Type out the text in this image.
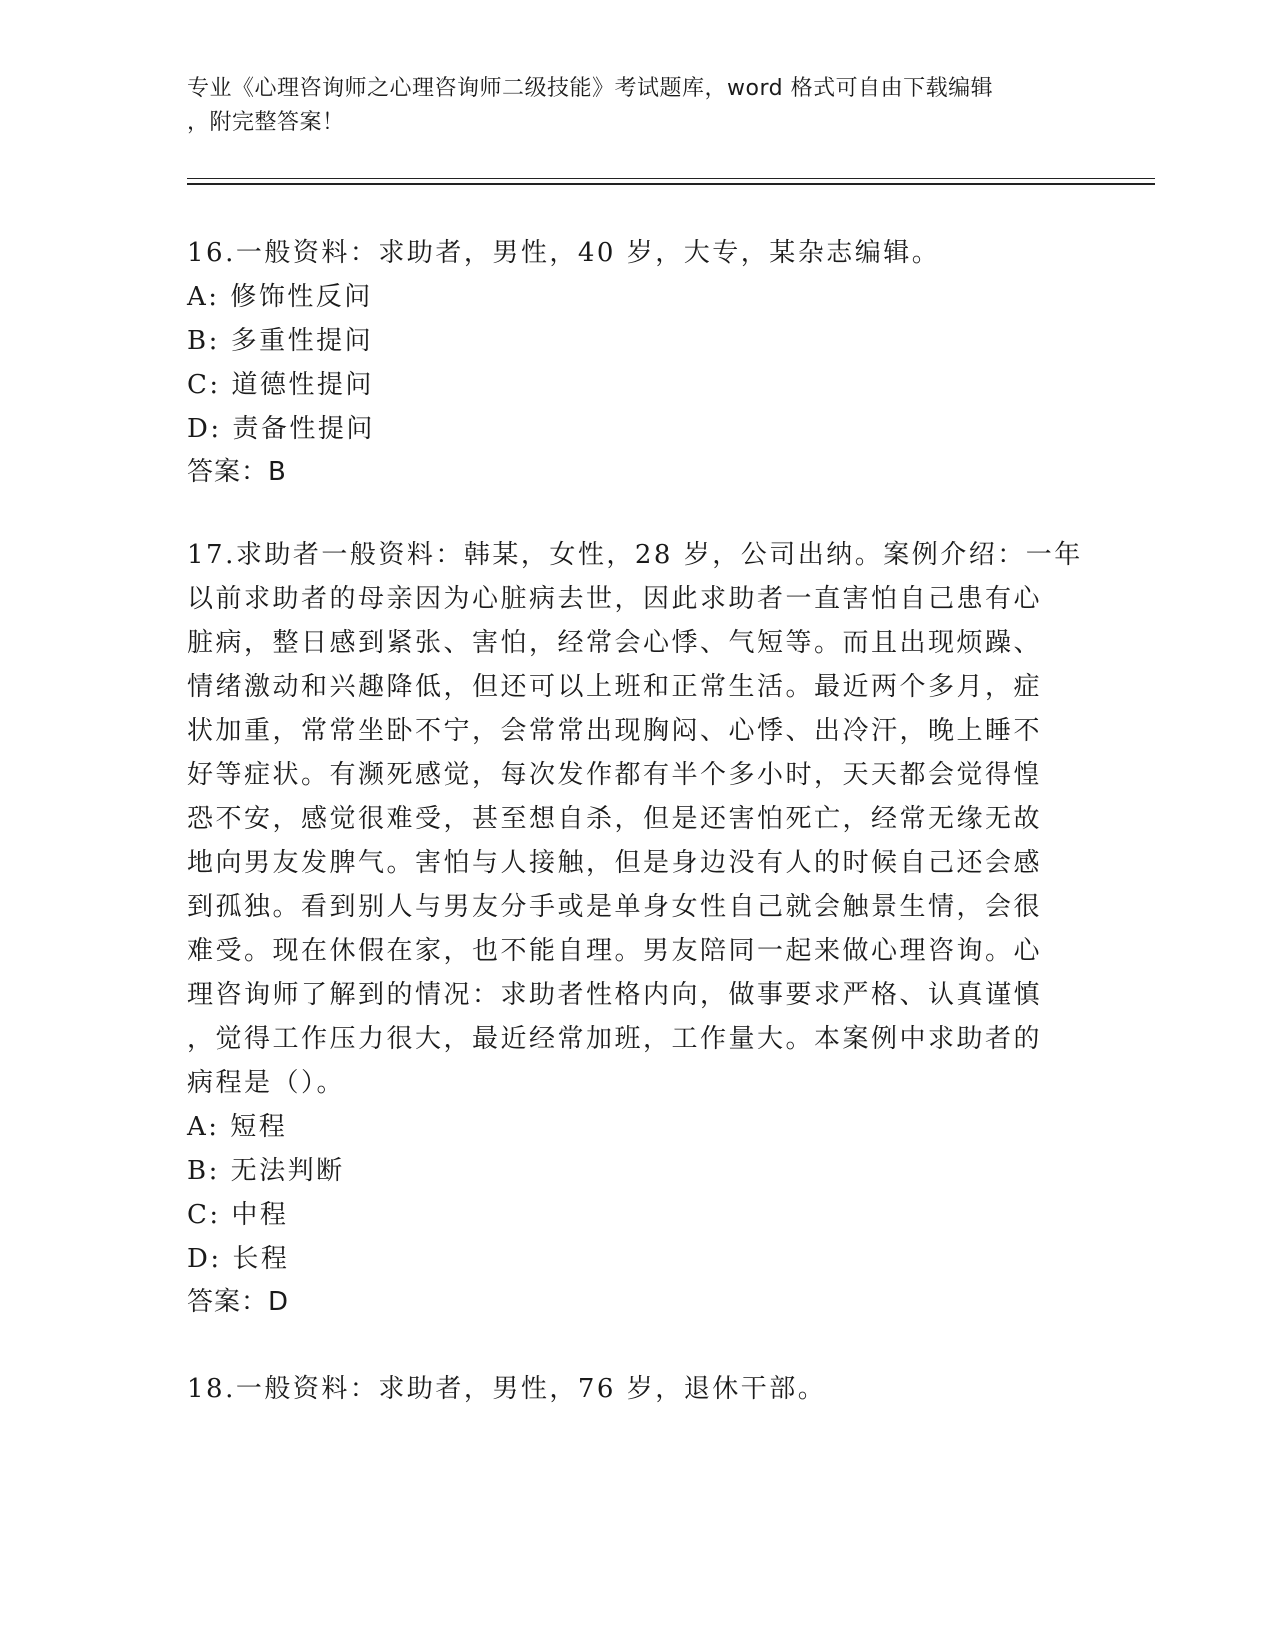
专业《心理咨询师之心理咨询师二级技能》考试题库，word 格式可自由下载编辑
，附完整答案！
16.一般资料：求助者，男性，40 岁，大专，某杂志编辑。
A: 修饰性反问
B: 多重性提问
C: 道德性提问
D: 责备性提问
答案：B
17.求助者一般资料：韩某，女性，28 岁，公司出纳。案例介绍：一年
以前求助者的母亲因为心脏病去世，因此求助者一直害怕自己患有心
脏病，整日感到紧张、害怕，经常会心悸、气短等。而且出现烦躁、
情绪激动和兴趣降低，但还可以上班和正常生活。最近两个多月，症
状加重，常常坐卧不宁，会常常出现胸闷、心悸、出冷汗，晚上睡不
好等症状。有濒死感觉，每次发作都有半个多小时，天天都会觉得惶
恐不安，感觉很难受，甚至想自杀，但是还害怕死亡，经常无缘无故
地向男友发脾气。害怕与人接触，但是身边没有人的时候自己还会感
到孤独。看到别人与男友分手或是单身女性自己就会触景生情，会很
难受。现在休假在家，也不能自理。男友陪同一起来做心理咨询。心
理咨询师了解到的情况：求助者性格内向，做事要求严格、认真谨慎
，觉得工作压力很大，最近经常加班，工作量大。本案例中求助者的
病程是（）。
A: 短程
B: 无法判断
C: 中程
D: 长程
答案：D
18.一般资料：求助者，男性，76 岁，退休干部。
